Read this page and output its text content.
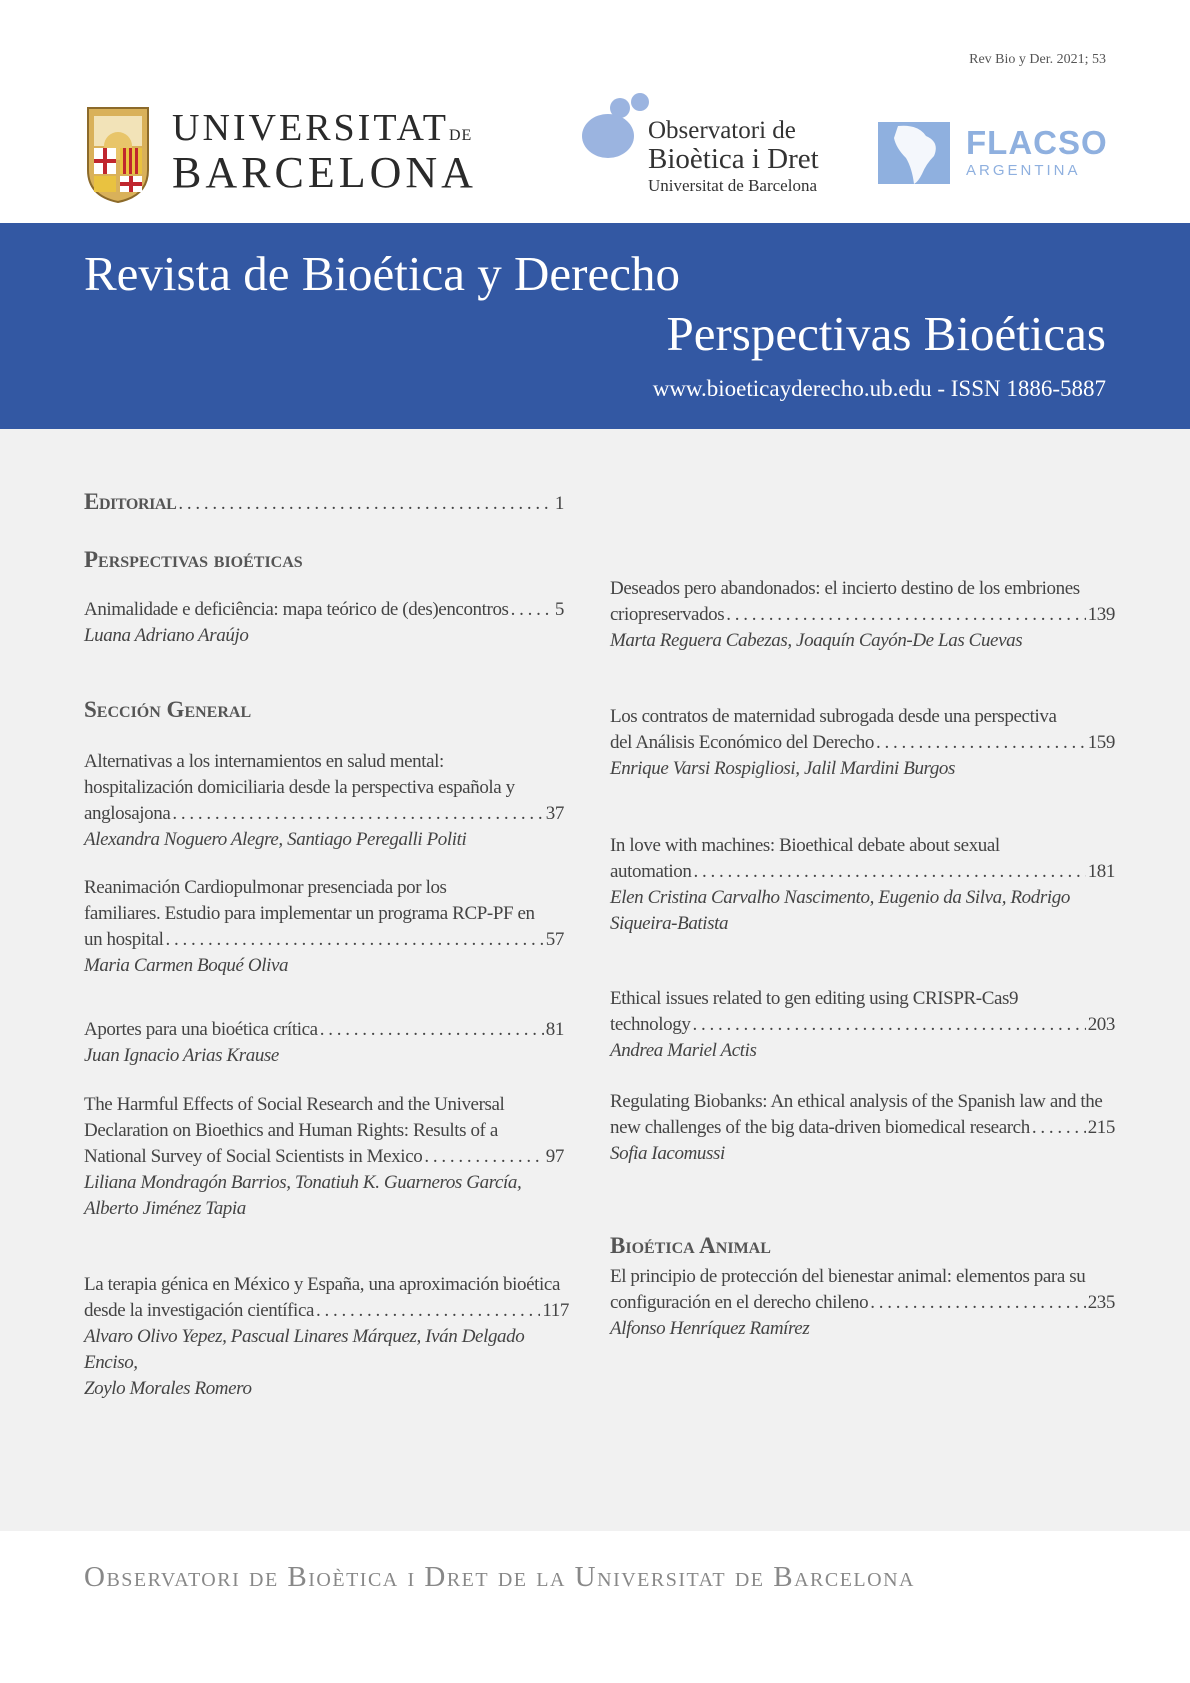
Rev Bio y Der. 2021; 53
UNIVERSITATDE
BARCELONA
Observatori de
Bioètica i Dret
Universitat de Barcelona
FLACSO
ARGENTINA
Revista de Bioética y Derecho
Perspectivas Bioéticas
www.bioeticayderecho.ub.edu - ISSN 1886-5887
Editorial . . .	1
Perspectivas bioéticas
Animalidade e deficiência: mapa teórico de (des)encontros . . . 5
Luana Adriano Araújo
Sección General
Alternativas a los internamientos en salud mental:
hospitalización domiciliaria desde la perspectiva española y
anglosajona . . .	37
Alexandra Noguero Alegre, Santiago Peregalli Politi
Reanimación Cardiopulmonar presenciada por los
familiares. Estudio para implementar un programa RCP-PF en
un hospital . . .	57
Maria Carmen Boqué Oliva
Aportes para una bioética crítica . . .	81
Juan Ignacio Arias Krause
The Harmful Effects of Social Research and the Universal
Declaration on Bioethics and Human Rights: Results of a
National Survey of Social Scientists in Mexico . . .	97
Liliana Mondragón Barrios, Tonatiuh K. Guarneros García,
Alberto Jiménez Tapia
La terapia génica en México y España, una aproximación bioética
desde la investigación científica . . .	117
Alvaro Olivo Yepez, Pascual Linares Márquez, Iván Delgado Enciso,
Zoylo Morales Romero
Deseados pero abandonados: el incierto destino de los embriones
criopreservados . . .	139
Marta Reguera Cabezas, Joaquín Cayón-De Las Cuevas
Los contratos de maternidad subrogada desde una perspectiva
del Análisis Económico del Derecho . . .	159
Enrique Varsi Rospigliosi, Jalil Mardini Burgos
In love with machines: Bioethical debate about sexual
automation . . .	181
Elen Cristina Carvalho Nascimento, Eugenio da Silva, Rodrigo
Siqueira-Batista
Ethical issues related to gen editing using CRISPR-Cas9
technology . . .	203
Andrea Mariel Actis
Regulating Biobanks: An ethical analysis of the Spanish law and the
new challenges of the big data-driven biomedical research . . .	215
Sofia Iacomussi
Bioética Animal
El principio de protección del bienestar animal: elementos para su
configuración en el derecho chileno . . .	235
Alfonso Henríquez Ramírez
Observatori de Bioètica i Dret de la Universitat de Barcelona
